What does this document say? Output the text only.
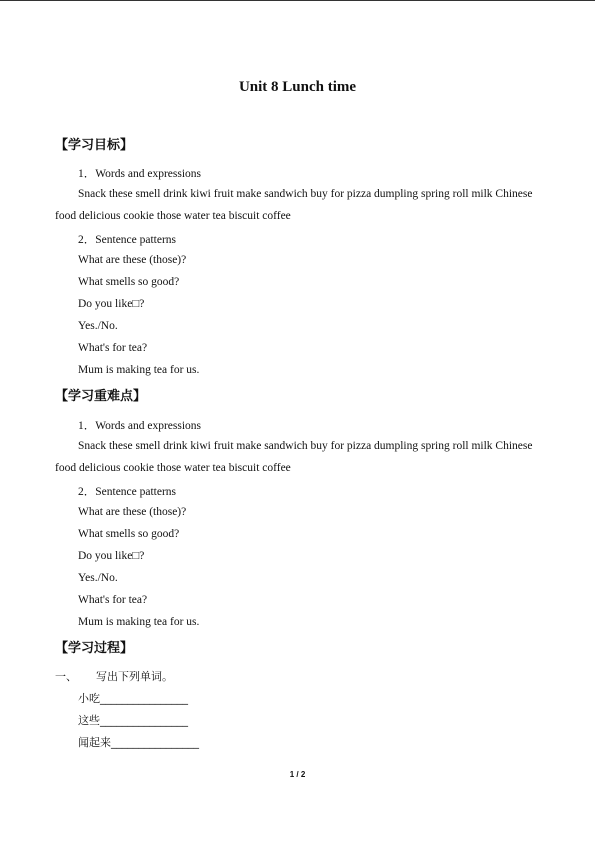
Unit 8 Lunch time
【学习目标】
1．Words and expressions
Snack these smell drink kiwi fruit make sandwich buy for pizza dumpling spring roll milk Chinese
food delicious cookie those water tea biscuit coffee
2．Sentence patterns
What are these (those)?
What smells so good?
Do you like□?
Yes./No.
What's for tea?
Mum is making tea for us.
【学习重难点】
1．Words and expressions
Snack these smell drink kiwi fruit make sandwich buy for pizza dumpling spring roll milk Chinese
food delicious cookie those water tea biscuit coffee
2．Sentence patterns
What are these (those)?
What smells so good?
Do you like□?
Yes./No.
What's for tea?
Mum is making tea for us.
【学习过程】
一、 写出下列单词。
小吃________________
这些________________
闻起来________________
1 / 2
